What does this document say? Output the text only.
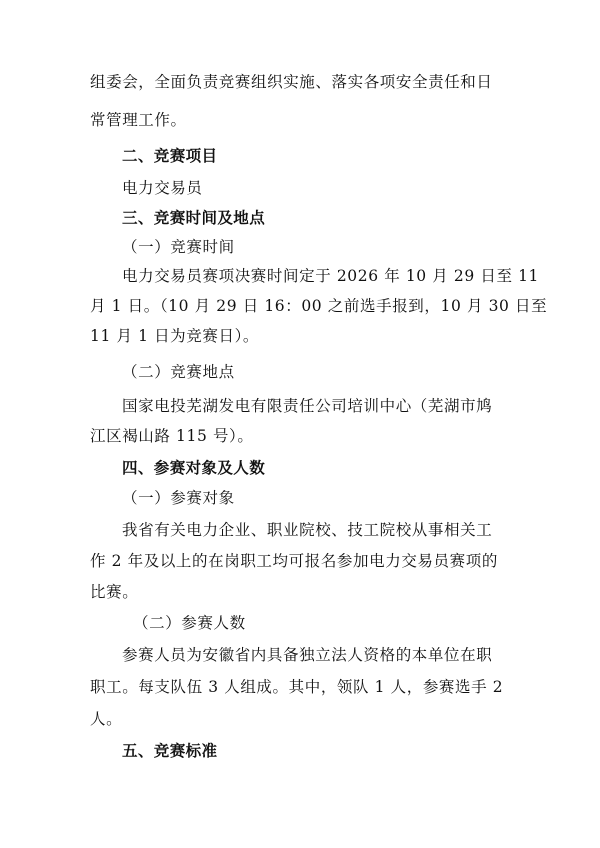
组委会，全面负责竞赛组织实施、落实各项安全责任和日
常管理工作。
二、竞赛项目
电力交易员
三、竞赛时间及地点
（一）竞赛时间
电力交易员赛项决赛时间定于 2026 年 10 月 29 日至 11
月 1 日。（10 月 29 日 16：00 之前选手报到，10 月 30 日至
11 月 1 日为竞赛日）。
（二）竞赛地点
国家电投芜湖发电有限责任公司培训中心（芜湖市鸠
江区褐山路 115 号）。
四、参赛对象及人数
（一）参赛对象
我省有关电力企业、职业院校、技工院校从事相关工
作 2 年及以上的在岗职工均可报名参加电力交易员赛项的
比赛。
（二）参赛人数
参赛人员为安徽省内具备独立法人资格的本单位在职
职工。每支队伍 3 人组成。其中，领队 1 人，参赛选手 2
人。
五、竞赛标准
